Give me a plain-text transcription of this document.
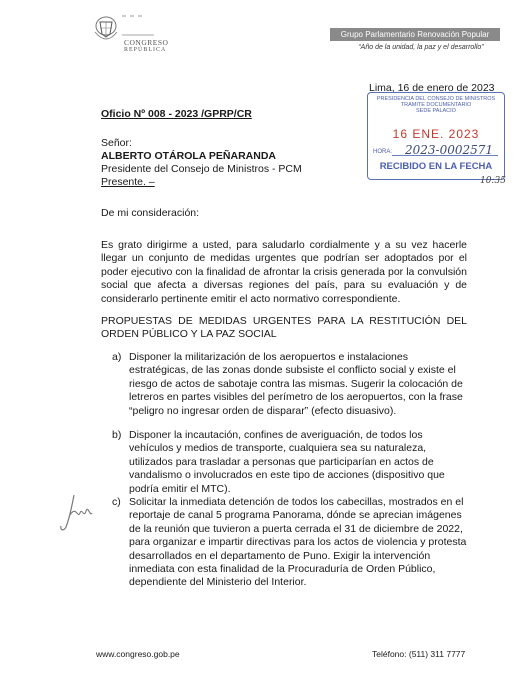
CONGRESO
REPÚBLICA
Grupo Parlamentario Renovación Popular
“Año de la unidad, la paz y el desarrollo”
Lima, 16 de enero de 2023
PRESIDENCIA DEL CONSEJO DE MINISTROS
TRAMITE DOCUMENTARIO
SEDE PALACIO
16 ENE. 2023
HORA: 2023-0002571
RECIBIDO EN LA FECHA
10:35
Oficio Nº 008 - 2023 /GPRP/CR
Señor:
ALBERTO OTÁROLA PEÑARANDA
Presidente del Consejo de Ministros - PCM
Presente. –
De mi consideración:
Es grato dirigirme a usted, para saludarlo cordialmente y a su vez hacerle llegar un conjunto de medidas urgentes que podrían ser adoptados por el poder ejecutivo con la finalidad de afrontar la crisis generada por la convulsión social que afecta a diversas regiones del país, para su evaluación y de considerarlo pertinente emitir el acto normativo correspondiente.
PROPUESTAS DE MEDIDAS URGENTES PARA LA RESTITUCIÓN DEL ORDEN PÚBLICO Y LA PAZ SOCIAL
a) Disponer la militarización de los aeropuertos e instalaciones estratégicas, de las zonas donde subsiste el conflicto social y existe el riesgo de actos de sabotaje contra las mismas. Sugerir la colocación de letreros en partes visibles del perímetro de los aeropuertos, con la frase “peligro no ingresar orden de disparar” (efecto disuasivo).
b) Disponer la incautación, confines de averiguación, de todos los vehículos y medios de transporte, cualquiera sea su naturaleza, utilizados para trasladar a personas que participarían en actos de vandalismo o involucrados en este tipo de acciones (dispositivo que podría emitir el MTC).
c) Solicitar la inmediata detención de todos los cabecillas, mostrados en el reportaje de canal 5 programa Panorama, dónde se aprecian imágenes de la reunión que tuvieron a puerta cerrada el 31 de diciembre de 2022, para organizar e impartir directivas para los actos de violencia y protesta desarrollados en el departamento de Puno. Exigir la intervención inmediata con esta finalidad de la Procuraduría de Orden Público, dependiente del Ministerio del Interior.
www.congreso.gob.pe	Teléfono: (511) 311 7777
